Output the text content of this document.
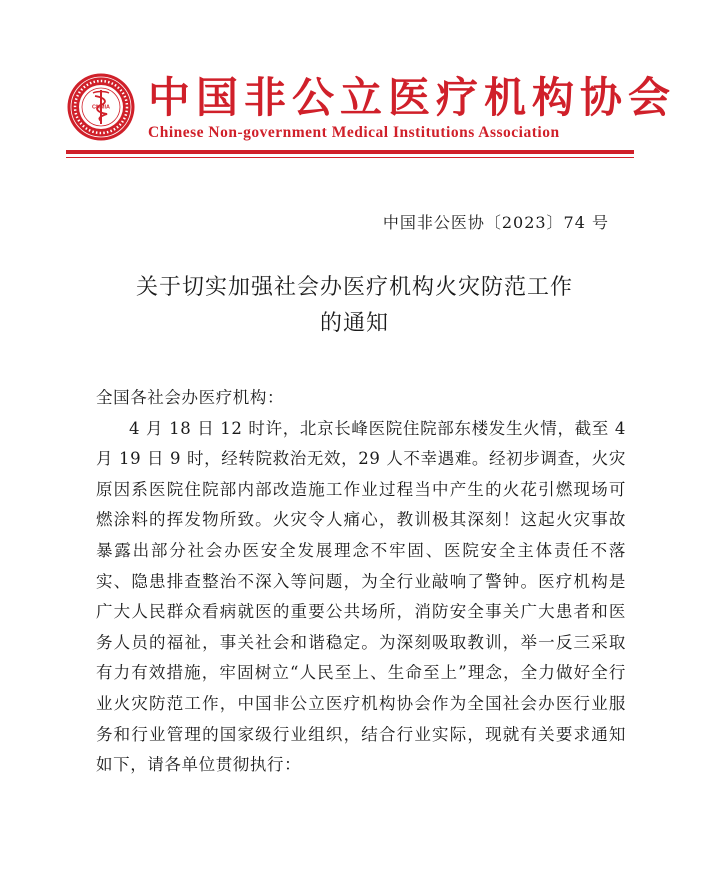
CNMIA 中国非公立医疗机构协会
Chinese Non-government Medical Institutions Association
中国非公医协〔2023〕74 号
关于切实加强社会办医疗机构火灾防范工作
的通知

全国各社会办医疗机构：

4 月 18 日 12 时许，北京长峰医院住院部东楼发生火情，截至 4 月 19 日 9 时，经转院救治无效，29 人不幸遇难。经初步调查，火灾原因系医院住院部内部改造施工作业过程当中产生的火花引燃现场可燃涂料的挥发物所致。火灾令人痛心，教训极其深刻！这起火灾事故暴露出部分社会办医安全发展理念不牢固、医院安全主体责任不落实、隐患排查整治不深入等问题，为全行业敲响了警钟。医疗机构是广大人民群众看病就医的重要公共场所，消防安全事关广大患者和医务人员的福祉，事关社会和谐稳定。为深刻吸取教训，举一反三采取有力有效措施，牢固树立“人民至上、生命至上”理念，全力做好全行业火灾防范工作，中国非公立医疗机构协会作为全国社会办医行业服务和行业管理的国家级行业组织，结合行业实际，现就有关要求通知如下，请各单位贯彻执行：
